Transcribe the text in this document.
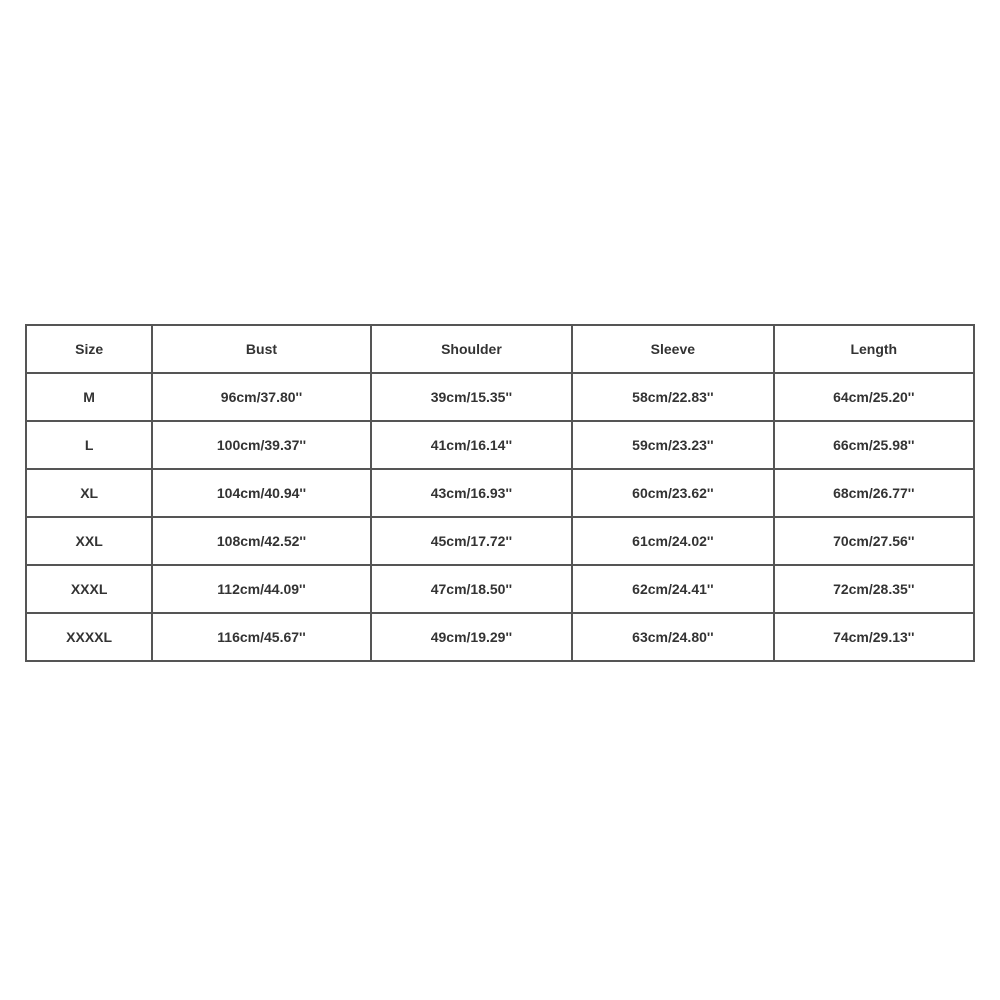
Size	Bust	Shoulder	Sleeve	Length
M	96cm/37.80''	39cm/15.35''	58cm/22.83''	64cm/25.20''
L	100cm/39.37''	41cm/16.14''	59cm/23.23''	66cm/25.98''
XL	104cm/40.94''	43cm/16.93''	60cm/23.62''	68cm/26.77''
XXL	108cm/42.52''	45cm/17.72''	61cm/24.02''	70cm/27.56''
XXXL	112cm/44.09''	47cm/18.50''	62cm/24.41''	72cm/28.35''
XXXXL	116cm/45.67''	49cm/19.29''	63cm/24.80''	74cm/29.13''
